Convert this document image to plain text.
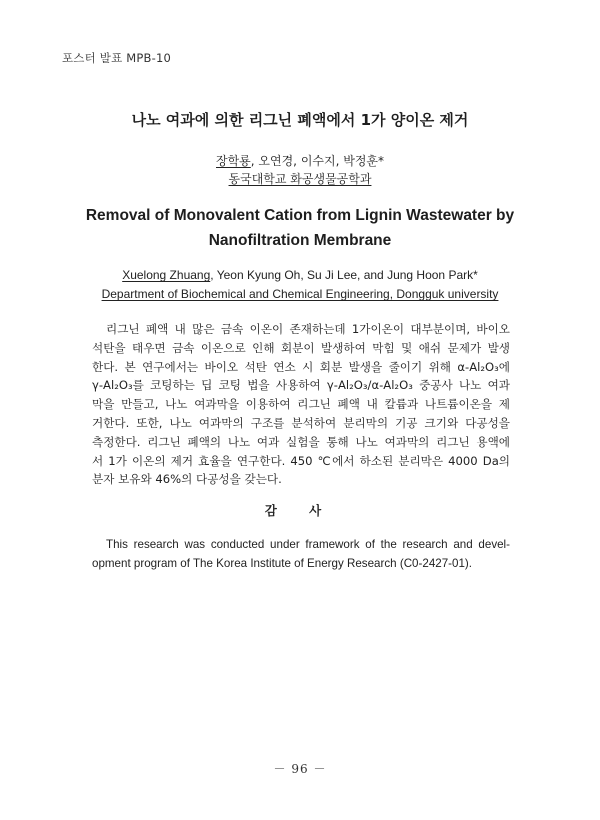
포스터 발표 MPB-10
나노 여과에 의한 리그닌 폐액에서 1가 양이온 제거
장학룡, 오연경, 이수지, 박정훈*
동국대학교 화공생물공학과
Removal of Monovalent Cation from Lignin Wastewater by
Nanofiltration Membrane
Xuelong Zhuang, Yeon Kyung Oh, Su Ji Lee, and Jung Hoon Park*
Department of Biochemical and Chemical Engineering, Dongguk university
리그닌 폐액 내 많은 금속 이온이 존재하는데 1가이온이 대부분이며, 바이오
석탄을 태우면 금속 이온으로 인해 회분이 발생하여 막힘 및 애쉬 문제가 발생
한다. 본 연구에서는 바이오 석탄 연소 시 회분 발생을 줄이기 위해 α-Al₂O₃에
γ-Al₂O₃를 코팅하는 딥 코팅 법을 사용하여 γ-Al₂O₃/α-Al₂O₃ 중공사 나노 여과
막을 만들고, 나노 여과막을 이용하여 리그닌 폐액 내 칼륨과 나트륨이온을 제
거한다. 또한, 나노 여과막의 구조를 분석하여 분리막의 기공 크기와 다공성을
측정한다. 리그닌 폐액의 나노 여과 실험을 통해 나노 여과막의 리그닌 용액에
서 1가 이온의 제거 효율을 연구한다. 450 ℃에서 하소된 분리막은 4000 Da의
분자 보유와 46%의 다공성을 갖는다.
감 사
This research was conducted under framework of the research and devel-
opment program of The Korea Institute of Energy Research (C0-2427-01).
－ 96 －
